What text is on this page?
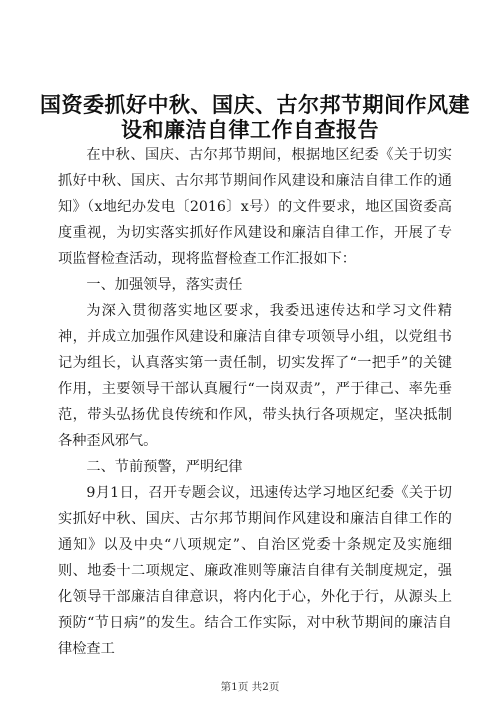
国资委抓好中秋、国庆、古尔邦节期间作风建
设和廉洁自律工作自查报告

在中秋、国庆、古尔邦节期间，根据地区纪委《关于切实抓好中秋、国庆、古尔邦节期间作风建设和廉洁自律工作的通知》（x地纪办发电〔2016〕x号）的文件要求，地区国资委高度重视，为切实落实抓好作风建设和廉洁自律工作，开展了专项监督检查活动，现将监督检查工作汇报如下：

一、加强领导，落实责任

为深入贯彻落实地区要求，我委迅速传达和学习文件精神，并成立加强作风建设和廉洁自律专项领导小组，以党组书记为组长，认真落实第一责任制，切实发挥了“一把手”的关键作用，主要领导干部认真履行“一岗双责”，严于律己、率先垂范，带头弘扬优良传统和作风，带头执行各项规定，坚决抵制各种歪风邪气。

二、节前预警，严明纪律

9月1日，召开专题会议，迅速传达学习地区纪委《关于切实抓好中秋、国庆、古尔邦节期间作风建设和廉洁自律工作的通知》以及中央“八项规定”、自治区党委十条规定及实施细则、地委十二项规定、廉政准则等廉洁自律有关制度规定，强化领导干部廉洁自律意识，将内化于心，外化于行，从源头上预防“节日病”的发生。结合工作实际，对中秋节期间的廉洁自律检查工

第1页 共2页
